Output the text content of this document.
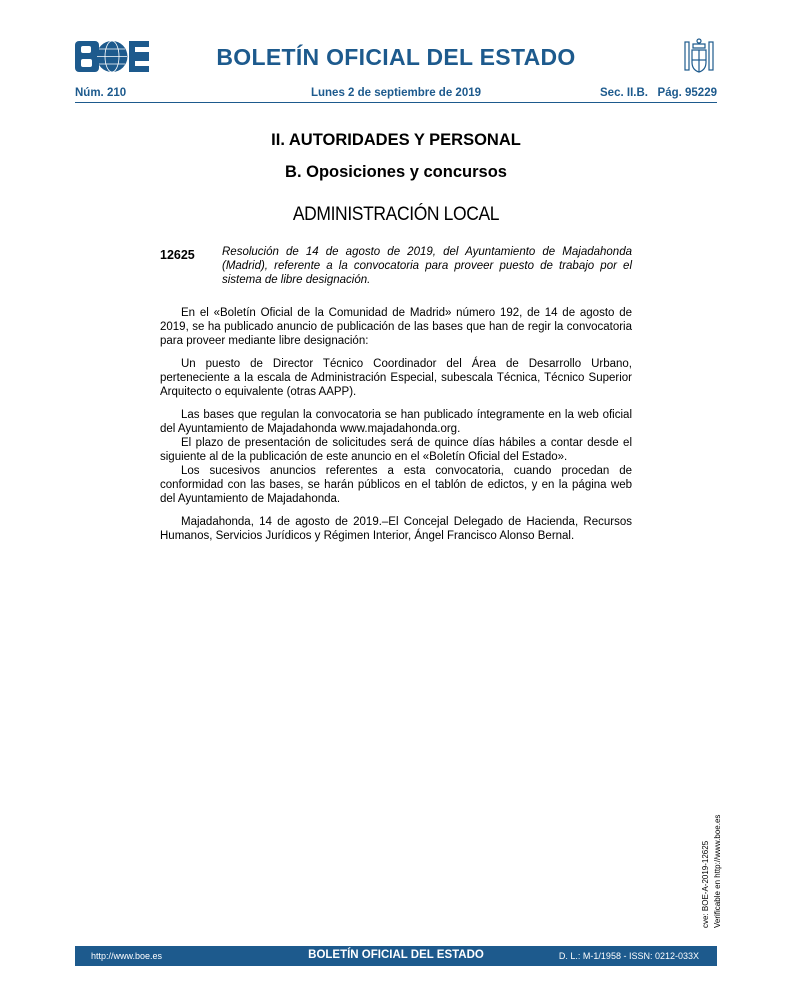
BOLETÍN OFICIAL DEL ESTADO
Núm. 210	Lunes 2 de septiembre de 2019	Sec. II.B.   Pág. 95229
II. AUTORIDADES Y PERSONAL
B. Oposiciones y concursos
ADMINISTRACIÓN LOCAL
12625 Resolución de 14 de agosto de 2019, del Ayuntamiento de Majadahonda (Madrid), referente a la convocatoria para proveer puesto de trabajo por el sistema de libre designación.

En el «Boletín Oficial de la Comunidad de Madrid» número 192, de 14 de agosto de 2019, se ha publicado anuncio de publicación de las bases que han de regir la convocatoria para proveer mediante libre designación:

Un puesto de Director Técnico Coordinador del Área de Desarrollo Urbano, perteneciente a la escala de Administración Especial, subescala Técnica, Técnico Superior Arquitecto o equivalente (otras AAPP).

Las bases que regulan la convocatoria se han publicado íntegramente en la web oficial del Ayuntamiento de Majadahonda www.majadahonda.org.

El plazo de presentación de solicitudes será de quince días hábiles a contar desde el siguiente al de la publicación de este anuncio en el «Boletín Oficial del Estado».

Los sucesivos anuncios referentes a esta convocatoria, cuando procedan de conformidad con las bases, se harán públicos en el tablón de edictos, y en la página web del Ayuntamiento de Majadahonda.

Majadahonda, 14 de agosto de 2019.–El Concejal Delegado de Hacienda, Recursos Humanos, Servicios Jurídicos y Régimen Interior, Ángel Francisco Alonso Bernal.

cve: BOE-A-2019-12625 Verificable en http://www.boe.es
http://www.boe.es	BOLETÍN OFICIAL DEL ESTADO	D. L.: M-1/1958 - ISSN: 0212-033X
